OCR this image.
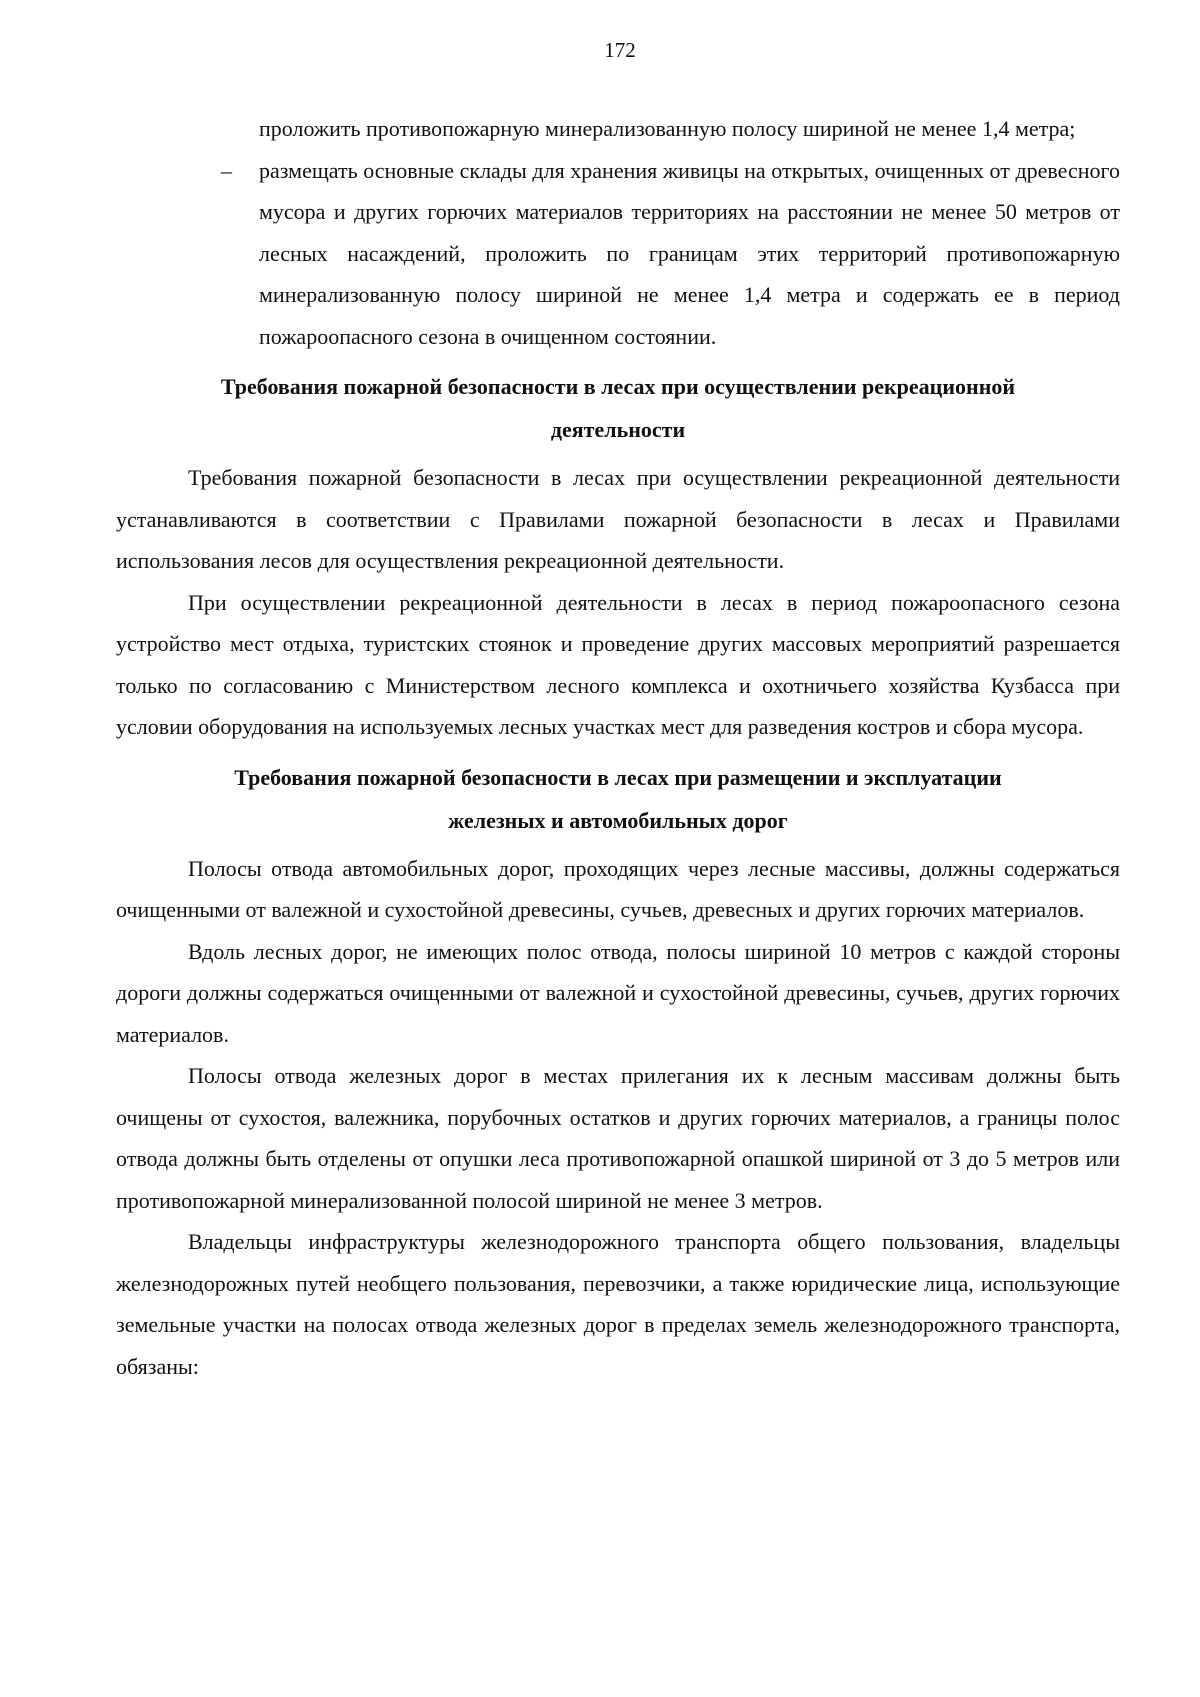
172

проложить противопожарную минерализованную полосу шириной не менее 1,4 метра;

– размещать основные склады для хранения живицы на открытых, очищенных от древесного мусора и других горючих материалов территориях на расстоянии не менее 50 метров от лесных насаждений, проложить по границам этих территорий противопожарную минерализованную полосу шириной не менее 1,4 метра и содержать ее в период пожароопасного сезона в очищенном состоянии.

Требования пожарной безопасности в лесах при осуществлении рекреационной
деятельности

Требования пожарной безопасности в лесах при осуществлении рекреационной деятельности устанавливаются в соответствии с Правилами пожарной безопасности в лесах и Правилами использования лесов для осуществления рекреационной деятельности.

При осуществлении рекреационной деятельности в лесах в период пожароопасного сезона устройство мест отдыха, туристских стоянок и проведение других массовых мероприятий разрешается только по согласованию с Министерством лесного комплекса и охотничьего хозяйства Кузбасса при условии оборудования на используемых лесных участках мест для разведения костров и сбора мусора.

Требования пожарной безопасности в лесах при размещении и эксплуатации
железных и автомобильных дорог

Полосы отвода автомобильных дорог, проходящих через лесные массивы, должны содержаться очищенными от валежной и сухостойной древесины, сучьев, древесных и других горючих материалов.

Вдоль лесных дорог, не имеющих полос отвода, полосы шириной 10 метров с каждой стороны дороги должны содержаться очищенными от валежной и сухостойной древесины, сучьев, других горючих материалов.

Полосы отвода железных дорог в местах прилегания их к лесным массивам должны быть очищены от сухостоя, валежника, порубочных остатков и других горючих материалов, а границы полос отвода должны быть отделены от опушки леса противопожарной опашкой шириной от 3 до 5 метров или противопожарной минерализованной полосой шириной не менее 3 метров.

Владельцы инфраструктуры железнодорожного транспорта общего пользования, владельцы железнодорожных путей необщего пользования, перевозчики, а также юридические лица, использующие земельные участки на полосах отвода железных дорог в пределах земель железнодорожного транспорта, обязаны:
